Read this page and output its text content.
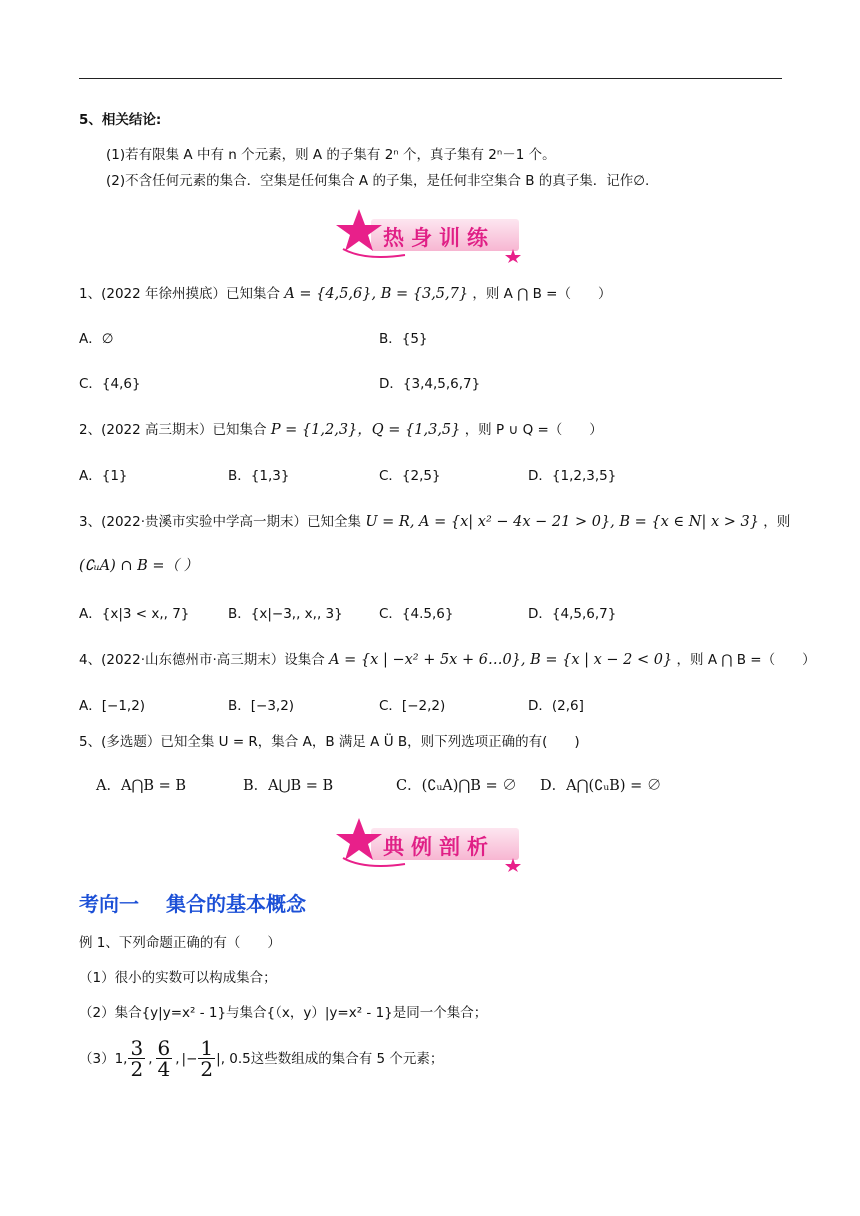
5、相关结论:
(1)若有限集 A 中有 n 个元素，则 A 的子集有 2ⁿ 个，真子集有 2ⁿ－1 个。
(2)不含任何元素的集合．空集是任何集合 A 的子集，是任何非空集合 B 的真子集．记作∅.
热身训练
1、(2022 年徐州摸底）已知集合 A = {4,5,6}, B = {3,5,7} ，则 A ⋂ B =（　　）
A．∅	B．{5}
C．{4,6}	D．{3,4,5,6,7}
2、(2022 高三期末）已知集合 P = {1,2,3}，Q = {1,3,5} ，则 P ∪ Q =（　　）
A．{1}	B．{1,3}	C．{2,5}	D．{1,2,3,5}
3、(2022·贵溪市实验中学高一期末）已知全集 U = R, A = {x| x² − 4x − 21 > 0}, B = {x ∈ N| x > 3} ，则
(∁ᵤA) ∩ B =（ ）
A．{x|3 < x,, 7}	B．{x|−3,, x,, 3}	C．{4.5,6}	D．{4,5,6,7}
4、(2022·山东德州市·高三期末）设集合 A = {x | −x² + 5x + 6…0}, B = {x | x − 2 < 0} ，则 A ⋂ B =（　　）
A．[−1,2)	B．[−3,2)	C．[−2,2)	D．(2,6]
5、(多选题）已知全集 U = R，集合 A，B 满足 A Ü B，则下列选项正确的有(　　)
A．A⋂B = B	B．A⋃B = B	C．(∁ᵤA)⋂B = ∅ D．A⋂(∁ᵤB) = ∅
典例剖析
考向一　 集合的基本概念
例 1、下列命题正确的有（　　）
（1）很小的实数可以构成集合；
（2）集合{y|y=x² - 1}与集合{（x，y）|y=x² - 1}是同一个集合；
（3）1, $\frac{3}{2}$ , $\frac{6}{4}$ , |− $\frac{1}{2}$ |, 0.5这些数组成的集合有 5 个元素；
